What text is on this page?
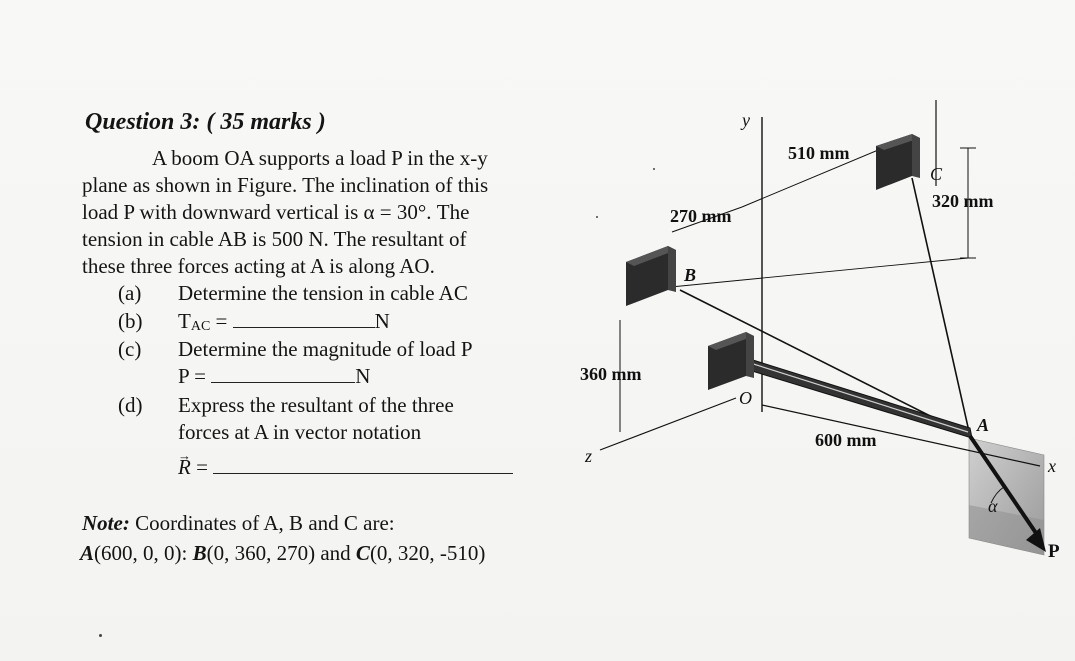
Question 3: ( 35 marks )
A boom OA supports a load P in the x-y
plane as shown in Figure. The inclination of this
load P with downward vertical is α = 30°. The
tension in cable AB is 500 N. The resultant of
these three forces acting at A is along AO.
(a) Determine the tension in cable AC
(b) TAC =	N
(c) Determine the magnitude of load P
P =	N
(d) Express the resultant of the three
forces at A in vector notation
→ R =
Note: Coordinates of A, B and C are:
A(600, 0, 0): B(0, 360, 270) and C(0, 320, -510)
y
z	x
510 mm
320 mm
270 mm
360 mm
600 mm
A
B
C
O
P
α
